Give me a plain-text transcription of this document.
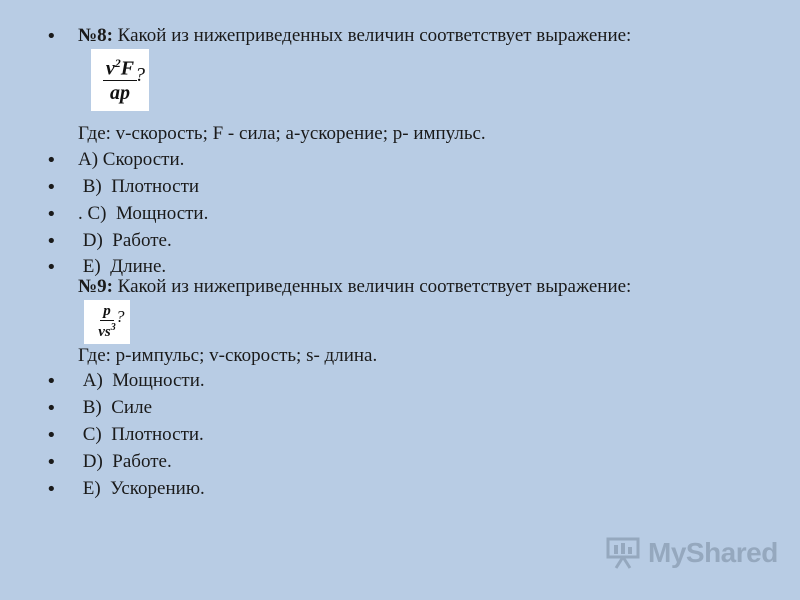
• №8: Какой из нижеприведенных величин соответствует выражение:
$\frac{v^2F}{ap}$
?
Где: v-скорость; F - сила; a-ускорение; p- импульс.
• А) Скорости.
• В)  Плотности
• . С)  Мощности.
• D)  Работе.
• Е)  Длине.
№9: Какой из нижеприведенных величин соответствует выражение:
$\frac{p}{vs^3}$
?
Где: р-импульс; v-скорость; s- длина.
• А)  Мощности.
• В)  Силе
• С)  Плотности.
• D)  Работе.
• Е)  Ускорению.
MyShared
